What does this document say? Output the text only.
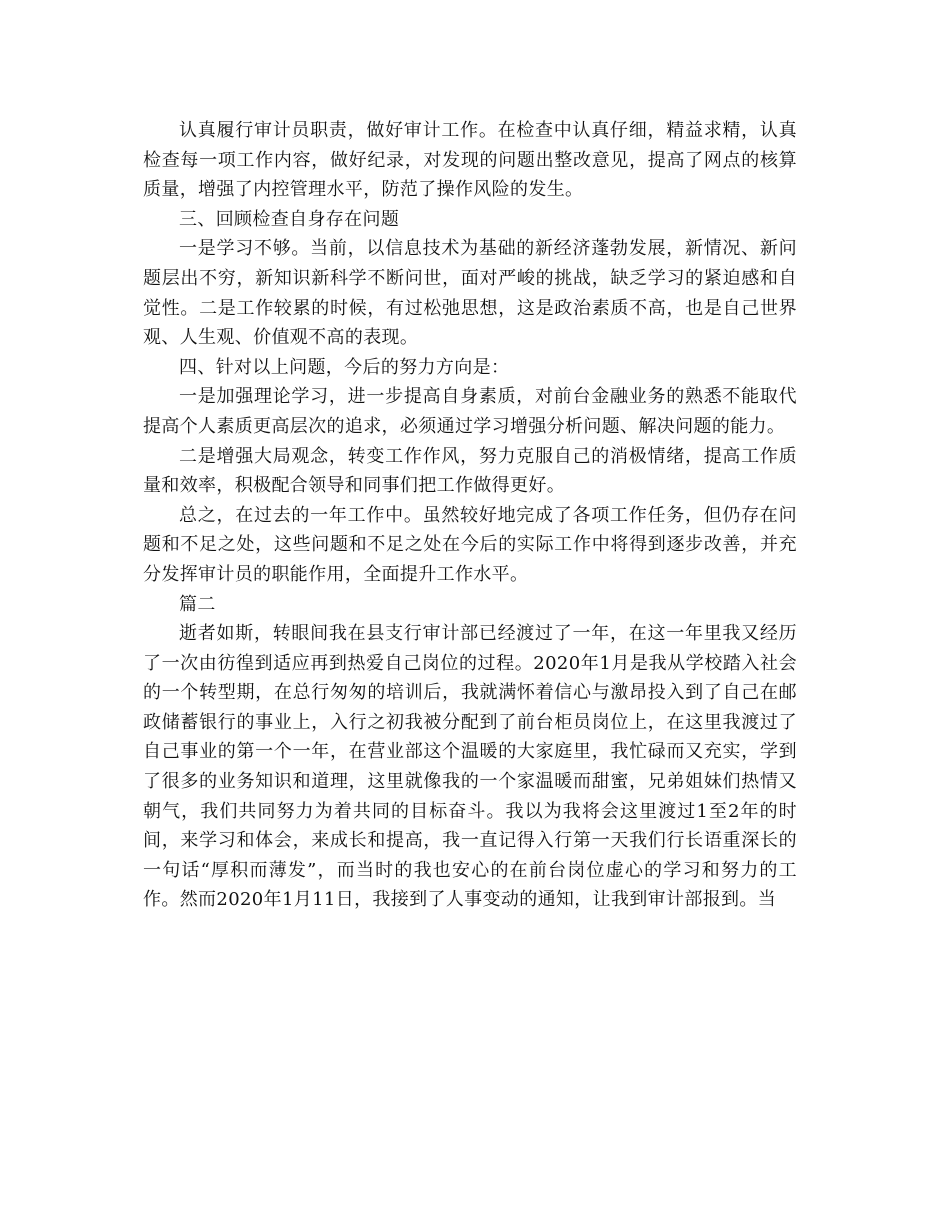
认真履行审计员职责，做好审计工作。在检查中认真仔细，精益求精，认真检查每一项工作内容，做好纪录，对发现的问题出整改意见，提高了网点的核算质量，增强了内控管理水平，防范了操作风险的发生。

三、回顾检查自身存在问题

一是学习不够。当前，以信息技术为基础的新经济蓬勃发展，新情况、新问题层出不穷，新知识新科学不断问世，面对严峻的挑战，缺乏学习的紧迫感和自觉性。二是工作较累的时候，有过松弛思想，这是政治素质不高，也是自己世界观、人生观、价值观不高的表现。

四、针对以上问题，今后的努力方向是：

一是加强理论学习，进一步提高自身素质，对前台金融业务的熟悉不能取代提高个人素质更高层次的追求，必须通过学习增强分析问题、解决问题的能力。

二是增强大局观念，转变工作作风，努力克服自己的消极情绪，提高工作质量和效率，积极配合领导和同事们把工作做得更好。

总之，在过去的一年工作中。虽然较好地完成了各项工作任务，但仍存在问题和不足之处，这些问题和不足之处在今后的实际工作中将得到逐步改善，并充分发挥审计员的职能作用，全面提升工作水平。

篇二

逝者如斯，转眼间我在县支行审计部已经渡过了一年，在这一年里我又经历了一次由彷徨到适应再到热爱自己岗位的过程。2020年1月是我从学校踏入社会的一个转型期，在总行匆匆的培训后，我就满怀着信心与激昂投入到了自己在邮政储蓄银行的事业上，入行之初我被分配到了前台柜员岗位上，在这里我渡过了自己事业的第一个一年，在营业部这个温暖的大家庭里，我忙碌而又充实，学到了很多的业务知识和道理，这里就像我的一个家温暖而甜蜜，兄弟姐妹们热情又朝气，我们共同努力为着共同的目标奋斗。我以为我将会这里渡过1至2年的时间，来学习和体会，来成长和提高，我一直记得入行第一天我们行长语重深长的一句话“厚积而薄发”，而当时的我也安心的在前台岗位虚心的学习和努力的工作。然而2020年1月11日，我接到了人事变动的通知，让我到审计部报到。当
